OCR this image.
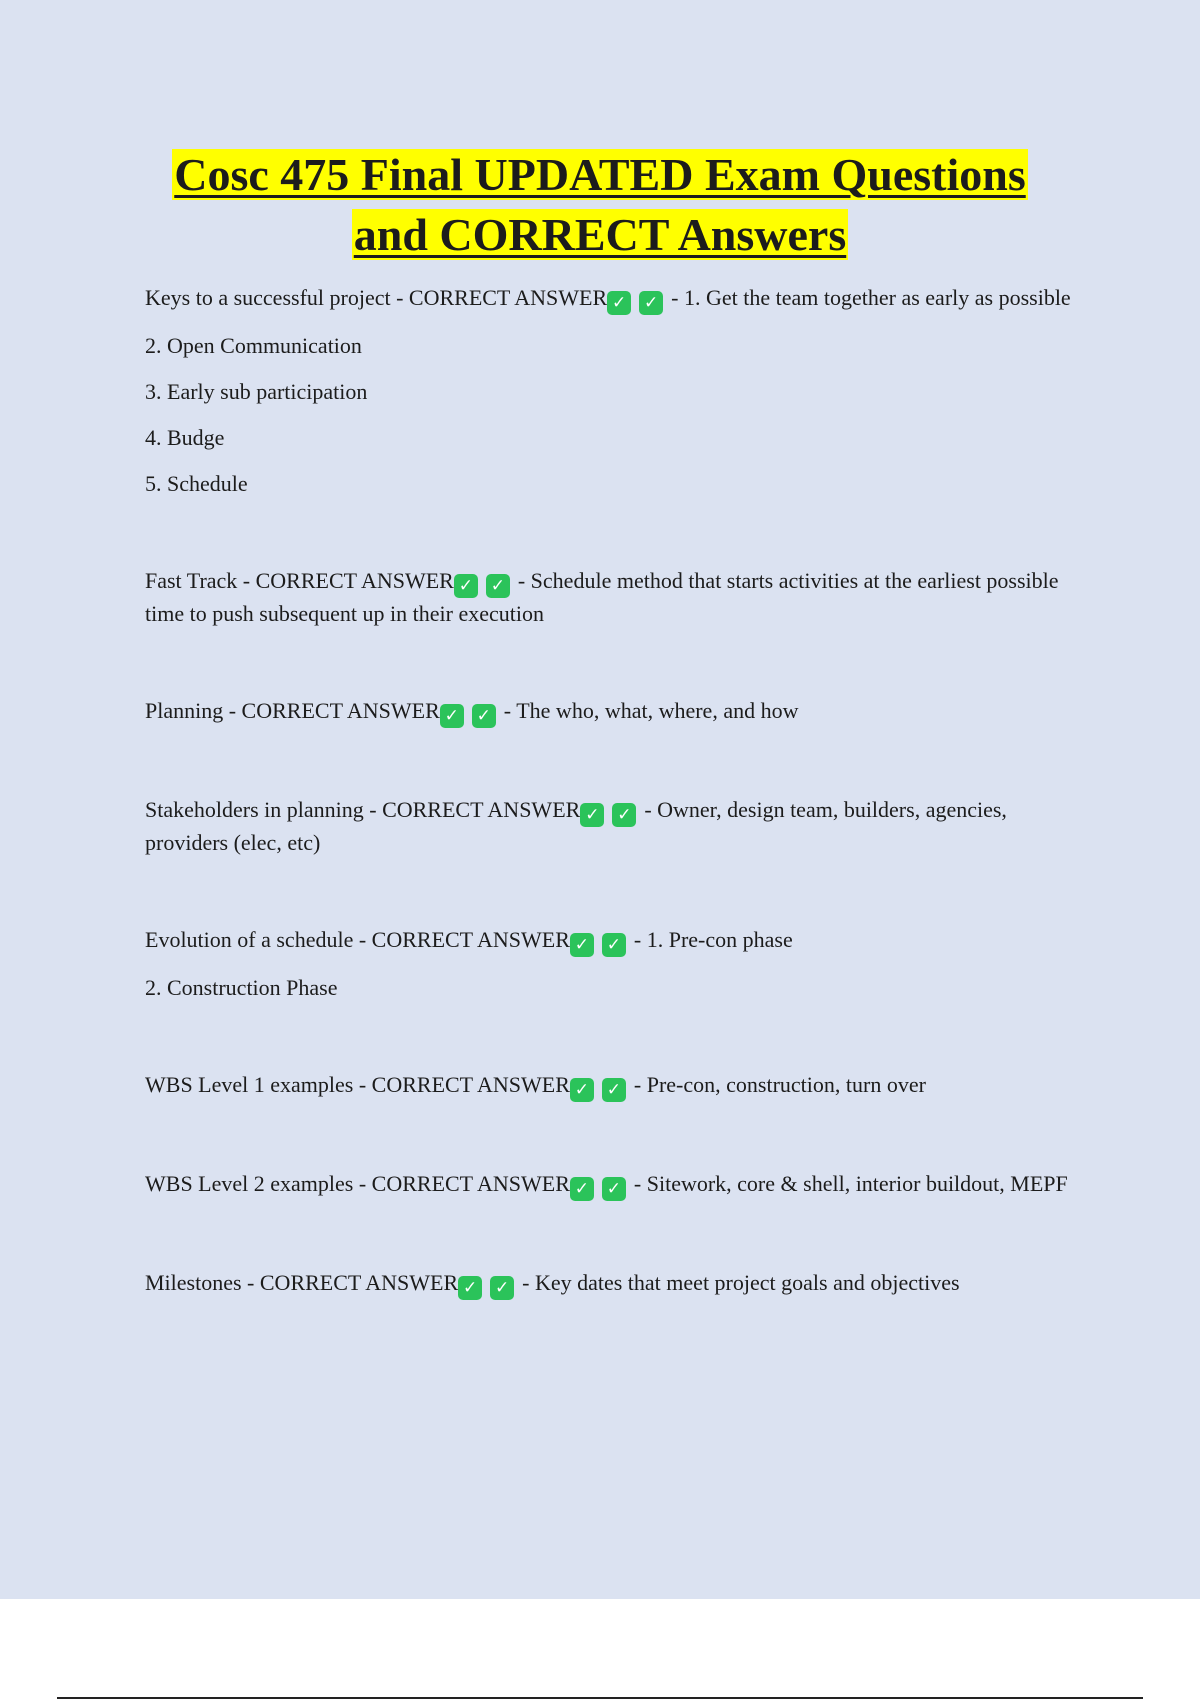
Cosc 475 Final UPDATED Exam Questions
and CORRECT Answers

Keys to a successful project - CORRECT ANSWER ✓ ✓ - 1. Get the team together as early as possible

2. Open Communication

3. Early sub participation

4. Budge

5. Schedule

Fast Track - CORRECT ANSWER ✓ ✓ - Schedule method that starts activities at the earliest possible time to push subsequent up in their execution

Planning - CORRECT ANSWER ✓ ✓ - The who, what, where, and how

Stakeholders in planning - CORRECT ANSWER ✓ ✓ - Owner, design team, builders, agencies, providers (elec, etc)

Evolution of a schedule - CORRECT ANSWER ✓ ✓ - 1. Pre-con phase

2. Construction Phase

WBS Level 1 examples - CORRECT ANSWER ✓ ✓ - Pre-con, construction, turn over

WBS Level 2 examples - CORRECT ANSWER ✓ ✓ - Sitework, core & shell, interior buildout, MEPF

Milestones - CORRECT ANSWER ✓ ✓ - Key dates that meet project goals and objectives
